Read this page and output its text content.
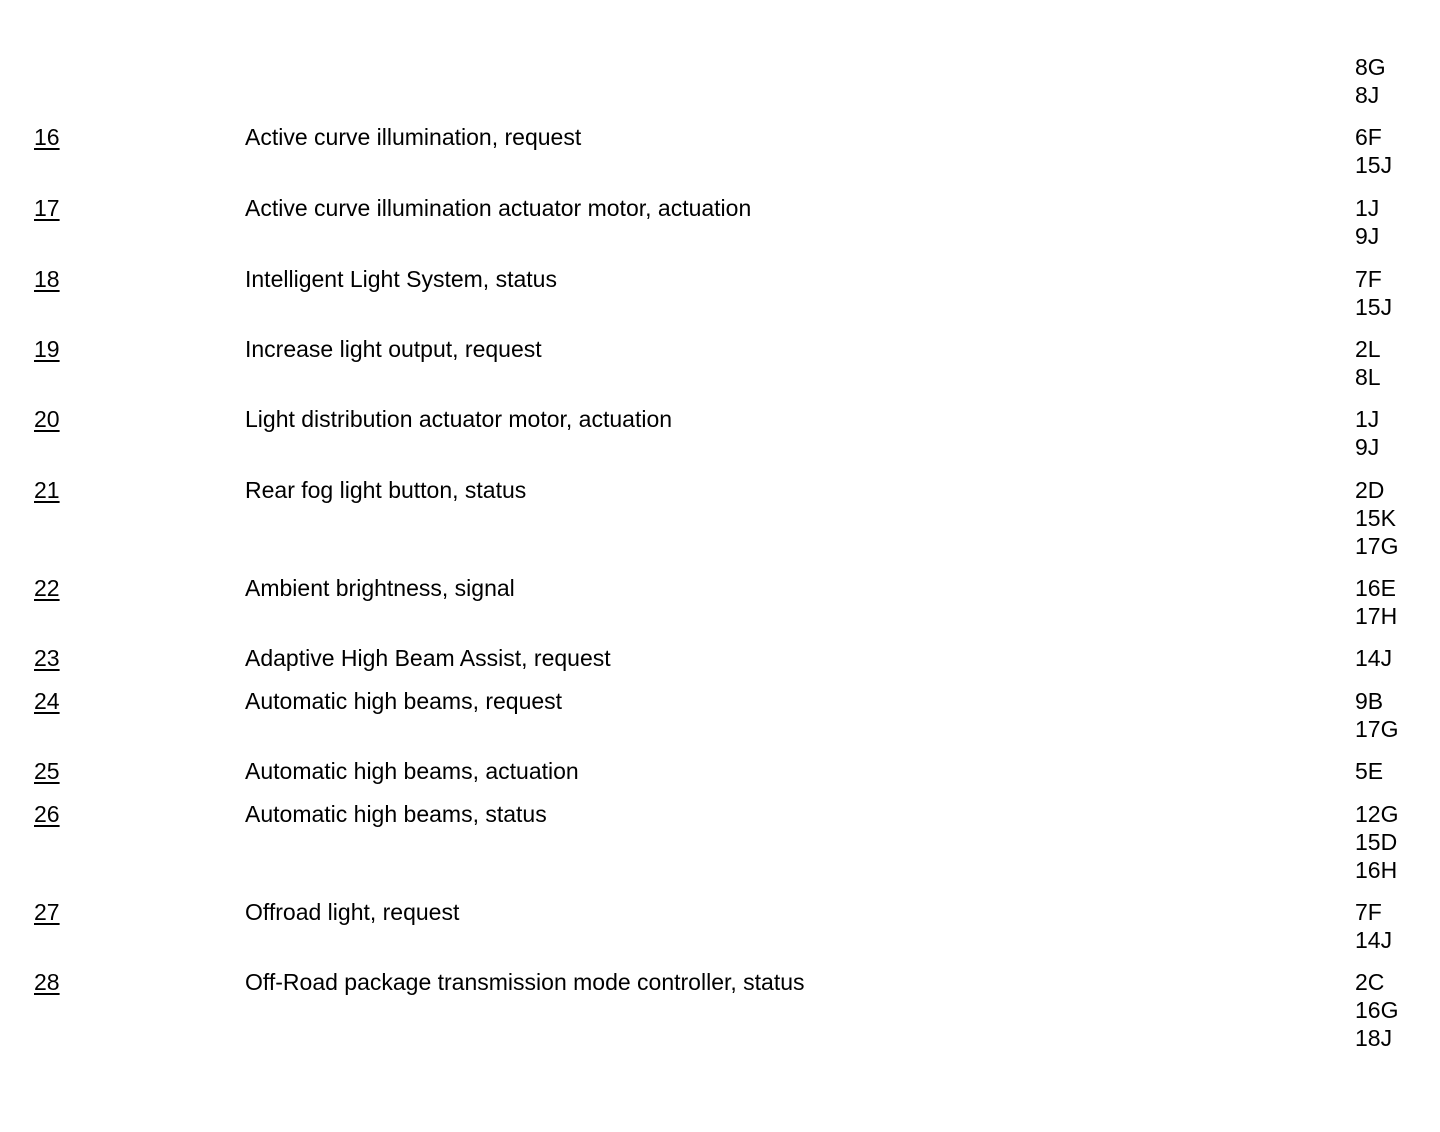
8G
8J
16	Active curve illumination, request	6F
15J
17	Active curve illumination actuator motor, actuation	1J
9J
18	Intelligent Light System, status	7F
15J
19	Increase light output, request	2L
8L
20	Light distribution actuator motor, actuation	1J
9J
21	Rear fog light button, status	2D
15K
17G
22	Ambient brightness, signal	16E
17H
23	Adaptive High Beam Assist, request	14J
24	Automatic high beams, request	9B
17G
25	Automatic high beams, actuation	5E
26	Automatic high beams, status	12G
15D
16H
27	Offroad light, request	7F
14J
28	Off-Road package transmission mode controller, status	2C
16G
18J
